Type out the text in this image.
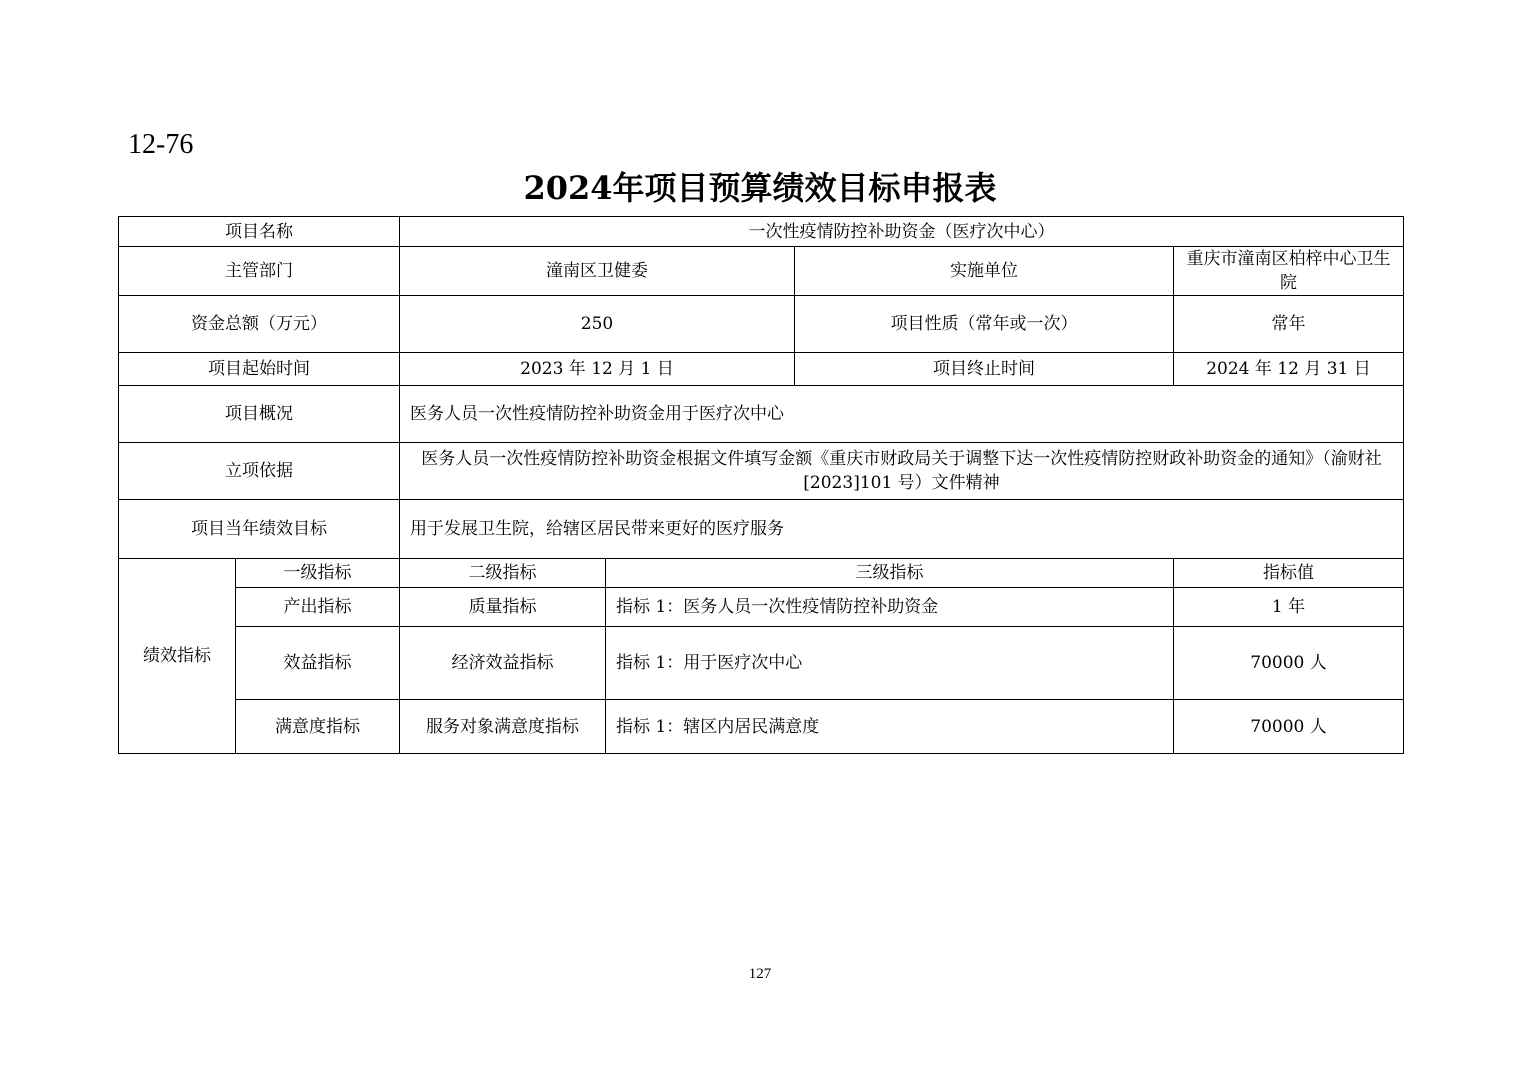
12-76
2024年项目预算绩效目标申报表
项目名称		一次性疫情防控补助资金（医疗次中心）			
主管部门		潼南区卫健委		实施单位	重庆市潼南区柏梓中心卫生院
资金总额（万元）		250		项目性质（常年或一次）	常年
项目起始时间		2023 年 12 月 1 日		项目终止时间	2024 年 12 月 31 日
项目概况		医务人员一次性疫情防控补助资金用于医疗次中心			
立项依据		医务人员一次性疫情防控补助资金根据文件填写金额《重庆市财政局关于调整下达一次性疫情防控财政补助资金的通知》（渝财社[2023]101 号）文件精神			
项目当年绩效目标		用于发展卫生院，给辖区居民带来更好的医疗服务			
绩效指标	一级指标	二级指标	三级指标		指标值
	产出指标	质量指标	指标 1：医务人员一次性疫情防控补助资金		1 年
	效益指标	经济效益指标	指标 1：用于医疗次中心		70000 人
	满意度指标	服务对象满意度指标	指标 1：辖区内居民满意度		70000 人
127
